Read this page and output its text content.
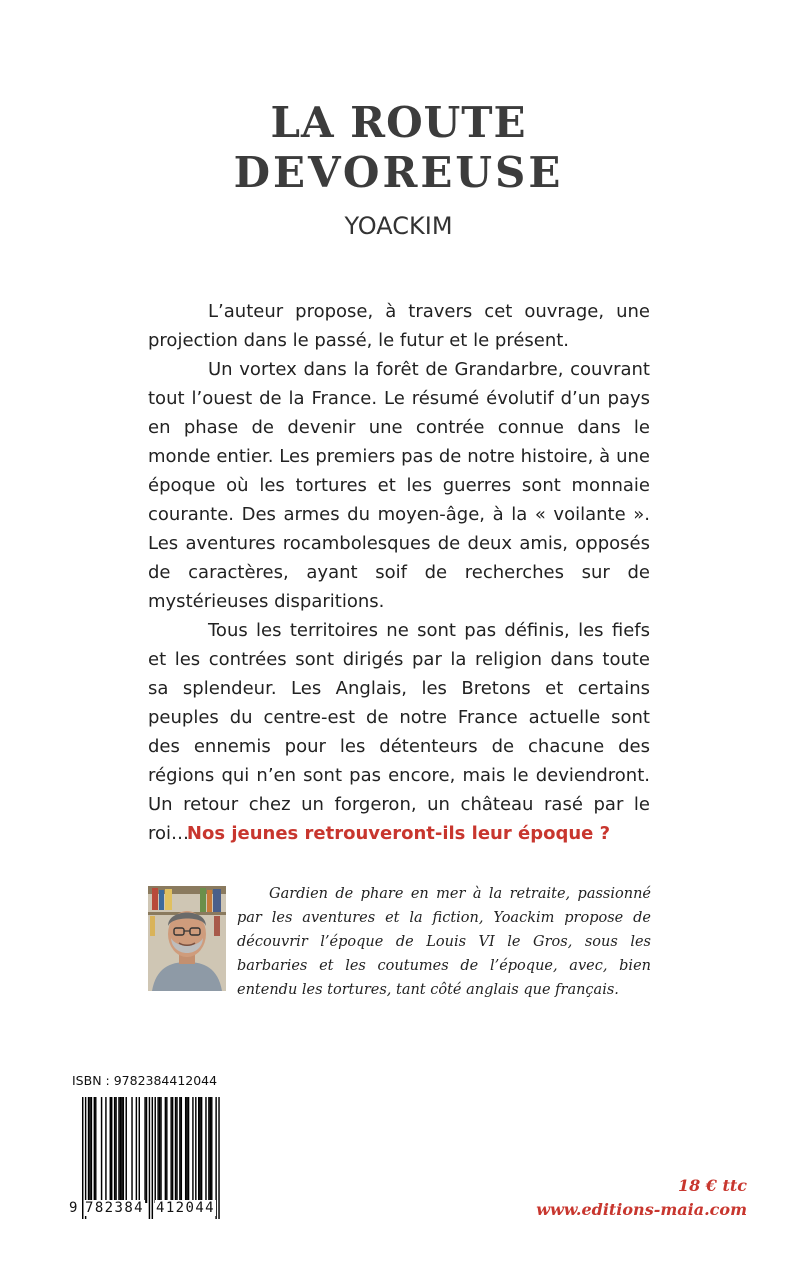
LA ROUTE
DEVOREUSE
YOACKIM

L’auteur propose, à travers cet ouvrage, une projection dans le passé, le futur et le présent.

Un vortex dans la forêt de Grandarbre, couvrant tout l’ouest de la France. Le résumé évolutif d’un pays en phase de devenir une contrée connue dans le monde entier. Les premiers pas de notre histoire, à une époque où les tortures et les guerres sont monnaie courante. Des armes du moyen-âge, à la « voilante ». Les aventures rocambolesques de deux amis, opposés de caractères, ayant soif de recherches sur de mystérieuses disparitions.

Tous les territoires ne sont pas définis, les fiefs et les contrées sont dirigés par la religion dans toute sa splendeur. Les Anglais, les Bretons et certains peuples du centre-est de notre France actuelle sont des ennemis pour les détenteurs de chacune des régions qui n’en sont pas encore, mais le deviendront. Un retour chez un forgeron, un château rasé par le roi…

Nos jeunes retrouveront-ils leur époque ?
Gardien de phare en mer à la retraite, passionné par les aventures et la fiction, Yoackim propose de découvrir l’époque de Louis VI le Gros, sous les barbaries et les coutumes de l’époque, avec, bien entendu les tortures, tant côté anglais que français.
ISBN : 9782384412044
9 782384 412044
18 € ttc
www.editions-maia.com
